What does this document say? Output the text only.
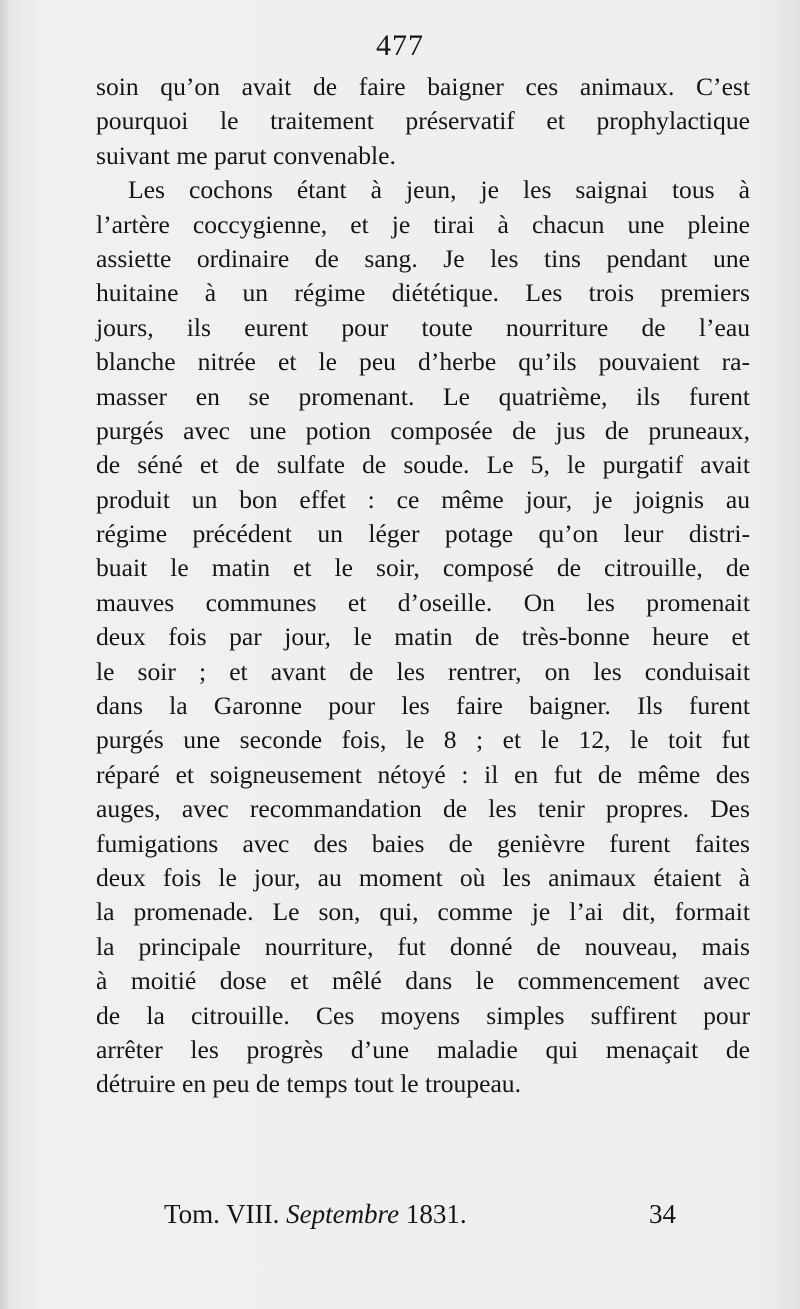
477
soin qu’on avait de faire baigner ces animaux. C’est
pourquoi le traitement préservatif et prophylactique
suivant me parut convenable.
Les cochons étant à jeun, je les saignai tous à
l’artère coccygienne, et je tirai à chacun une pleine
assiette ordinaire de sang. Je les tins pendant une
huitaine à un régime diététique. Les trois premiers
jours, ils eurent pour toute nourriture de l’eau
blanche nitrée et le peu d’herbe qu’ils pouvaient ra-
masser en se promenant. Le quatrième, ils furent
purgés avec une potion composée de jus de pruneaux,
de séné et de sulfate de soude. Le 5, le purgatif avait
produit un bon effet : ce même jour, je joignis au
régime précédent un léger potage qu’on leur distri-
buait le matin et le soir, composé de citrouille, de
mauves communes et d’oseille. On les promenait
deux fois par jour, le matin de très-bonne heure et
le soir ; et avant de les rentrer, on les conduisait
dans la Garonne pour les faire baigner. Ils furent
purgés une seconde fois, le 8 ; et le 12, le toit fut
réparé et soigneusement nétoyé : il en fut de même des
auges, avec recommandation de les tenir propres. Des
fumigations avec des baies de genièvre furent faites
deux fois le jour, au moment où les animaux étaient à
la promenade. Le son, qui, comme je l’ai dit, formait
la principale nourriture, fut donné de nouveau, mais
à moitié dose et mêlé dans le commencement avec
de la citrouille. Ces moyens simples suffirent pour
arrêter les progrès d’une maladie qui menaçait de
détruire en peu de temps tout le troupeau.
Tom. VIII. Septembre 1831.	34
